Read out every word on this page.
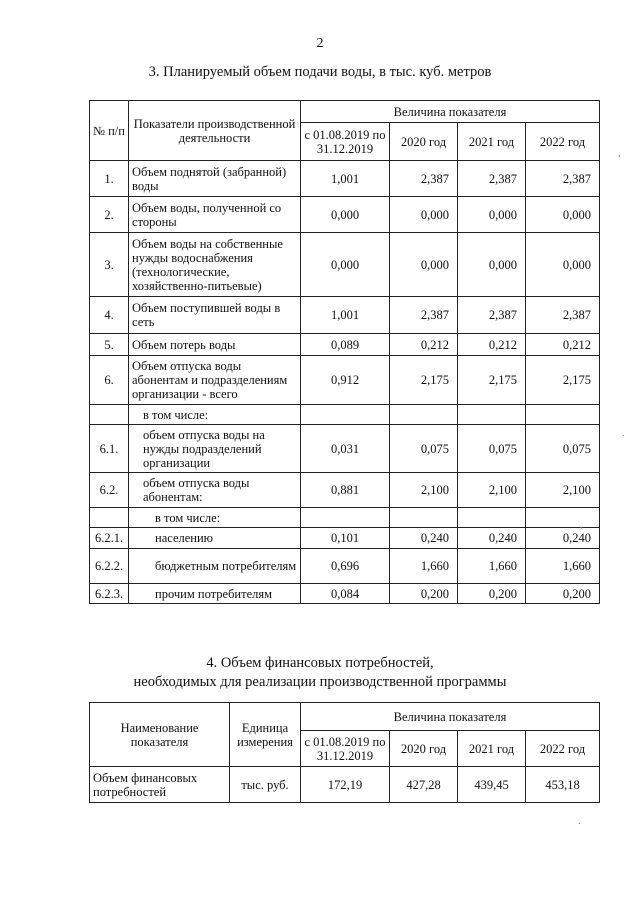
2
3. Планируемый объем подачи воды, в тыс. куб. метров
№ п/п	Показатели производственной деятельности	Величина показателя			
		с 01.08.2019 по 31.12.2019	2020 год	2021 год	2022 год
1.	Объем поднятой (забранной) воды	1,001	2,387	2,387	2,387
2.	Объем воды, полученной со стороны	0,000	0,000	0,000	0,000
3.	Объем воды на собственные нужды водоснабжения (технологические, хозяйственно-питьевые)	0,000	0,000	0,000	0,000
4.	Объем поступившей воды в сеть	1,001	2,387	2,387	2,387
5.	Объем потерь воды	0,089	0,212	0,212	0,212
6.	Объем отпуска воды абонентам и подразделениям организации - всего	0,912	2,175	2,175	2,175
	в том числе:				
6.1.	объем отпуска воды на нужды подразделений организации	0,031	0,075	0,075	0,075
6.2.	объем отпуска воды абонентам:	0,881	2,100	2,100	2,100
	в том числе:				
6.2.1.	населению	0,101	0,240	0,240	0,240
6.2.2.	бюджетным потребителям	0,696	1,660	1,660	1,660
6.2.3.	прочим потребителям	0,084	0,200	0,200	0,200
4. Объем финансовых потребностей,
необходимых для реализации производственной программы
Наименование показателя	Единица измерения	Величина показателя			
		с 01.08.2019 по 31.12.2019	2020 год	2021 год	2022 год
Объем финансовых потребностей	тыс. руб.	172,19	427,28	439,45	453,18
,
.
,
.
